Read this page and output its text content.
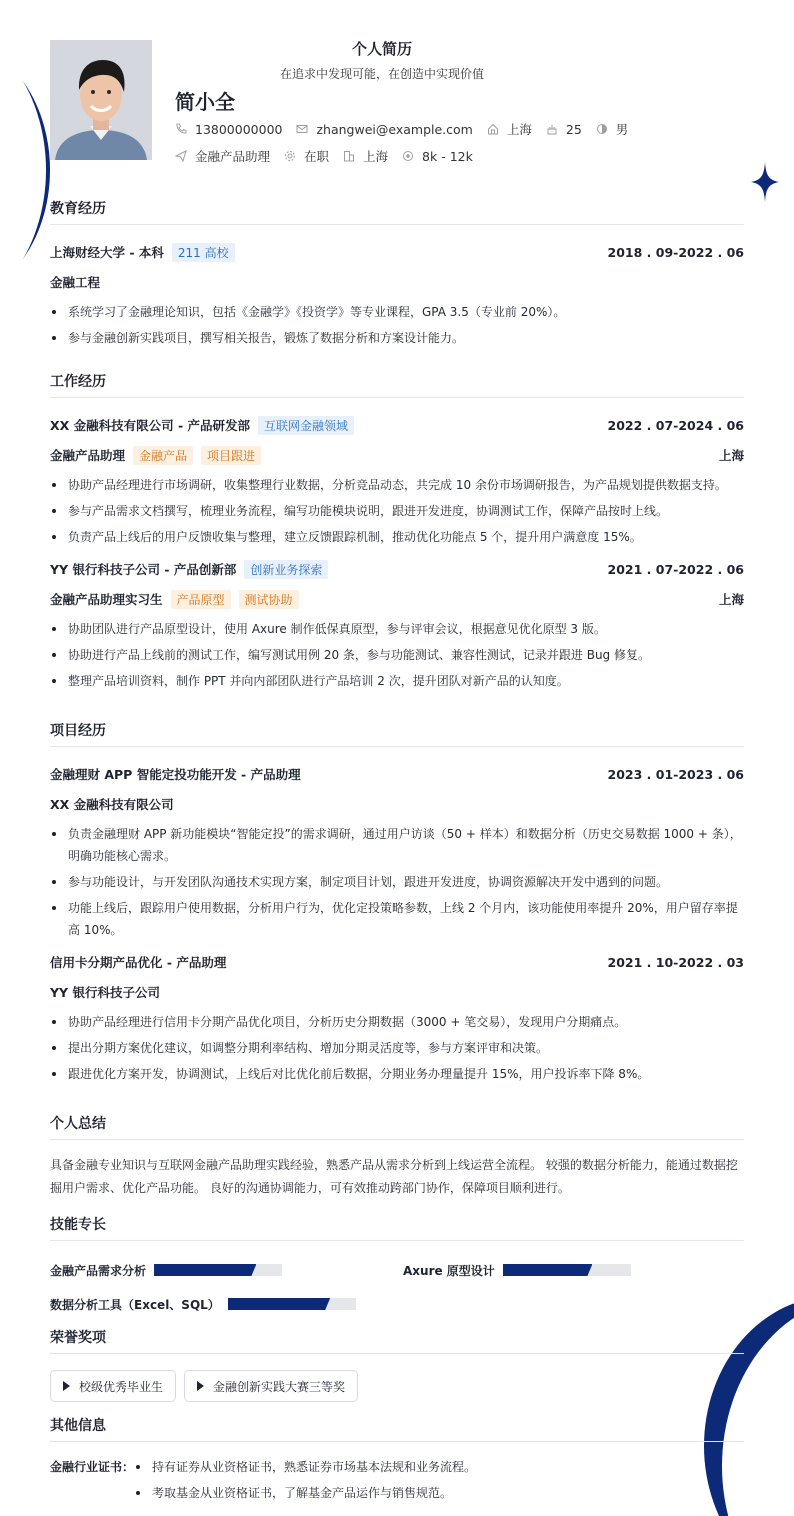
个人简历
在追求中发现可能，在创造中实现价值
简小全
13800000000	zhangwei@example.com	上海	25	男
金融产品助理	在职	上海	8k - 12k
教育经历
上海财经大学 - 本科	211 高校	2018 . 09-2022 . 06
金融工程
系统学习了金融理论知识，包括《金融学》《投资学》等专业课程，GPA 3.5（专业前 20%）。
参与金融创新实践项目，撰写相关报告，锻炼了数据分析和方案设计能力。
工作经历
XX 金融科技有限公司 - 产品研发部	互联网金融领域	2022 . 07-2024 . 06
金融产品助理	金融产品	项目跟进	上海
协助产品经理进行市场调研，收集整理行业数据，分析竞品动态，共完成 10 余份市场调研报告，为产品规划提供数据支持。
参与产品需求文档撰写，梳理业务流程，编写功能模块说明，跟进开发进度，协调测试工作，保障产品按时上线。
负责产品上线后的用户反馈收集与整理，建立反馈跟踪机制，推动优化功能点 5 个，提升用户满意度 15%。
YY 银行科技子公司 - 产品创新部	创新业务探索	2021 . 07-2022 . 06
金融产品助理实习生	产品原型	测试协助	上海
协助团队进行产品原型设计，使用 Axure 制作低保真原型，参与评审会议，根据意见优化原型 3 版。
协助进行产品上线前的测试工作，编写测试用例 20 条，参与功能测试、兼容性测试，记录并跟进 Bug 修复。
整理产品培训资料，制作 PPT 并向内部团队进行产品培训 2 次，提升团队对新产品的认知度。
项目经历
金融理财 APP 智能定投功能开发 - 产品助理	2023 . 01-2023 . 06
XX 金融科技有限公司
负责金融理财 APP 新功能模块“智能定投”的需求调研，通过用户访谈（50 + 样本）和数据分析（历史交易数据 1000 + 条），明确功能核心需求。
参与功能设计，与开发团队沟通技术实现方案，制定项目计划，跟进开发进度，协调资源解决开发中遇到的问题。
功能上线后，跟踪用户使用数据，分析用户行为，优化定投策略参数，上线 2 个月内，该功能使用率提升 20%，用户留存率提高 10%。
信用卡分期产品优化 - 产品助理	2021 . 10-2022 . 03
YY 银行科技子公司
协助产品经理进行信用卡分期产品优化项目，分析历史分期数据（3000 + 笔交易），发现用户分期痛点。
提出分期方案优化建议，如调整分期利率结构、增加分期灵活度等，参与方案评审和决策。
跟进优化方案开发，协调测试，上线后对比优化前后数据，分期业务办理量提升 15%，用户投诉率下降 8%。
个人总结
具备金融专业知识与互联网金融产品助理实践经验，熟悉产品从需求分析到上线运营全流程。 较强的数据分析能力，能通过数据挖掘用户需求、优化产品功能。 良好的沟通协调能力，可有效推动跨部门协作，保障项目顺利进行。
技能专长
金融产品需求分析	Axure 原型设计
数据分析工具（Excel、SQL）
荣誉奖项
校级优秀毕业生	金融创新实践大赛三等奖
其他信息
金融行业证书：	持有证券从业资格证书，熟悉证券市场基本法规和业务流程。
考取基金从业资格证书，了解基金产品运作与销售规范。
